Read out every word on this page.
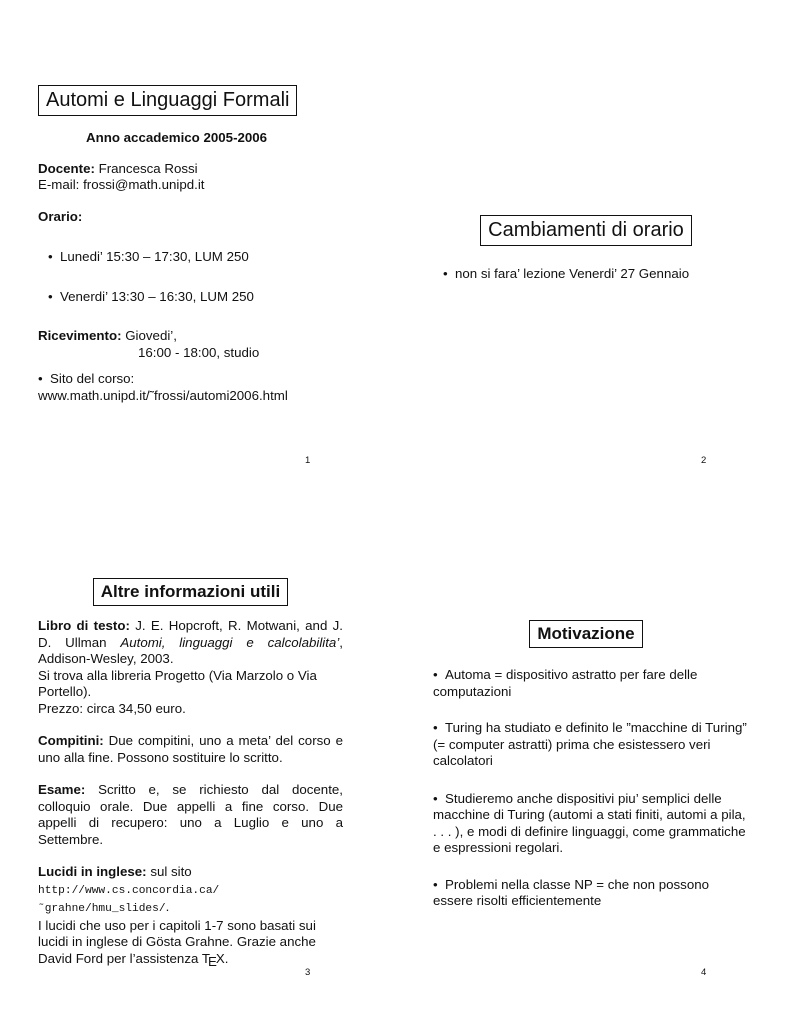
Automi e Linguaggi Formali
Anno accademico 2005-2006
Docente: Francesca Rossi
E-mail: frossi@math.unipd.it
Orario:
• Lunedi’ 15:30 – 17:30, LUM 250
• Venerdi’ 13:30 – 16:30, LUM 250
Ricevimento: Giovedi’,
16:00 - 18:00, studio
• Sito del corso:
www.math.unipd.it/˜frossi/automi2006.html
1
Cambiamenti di orario
• non si fara’ lezione Venerdi’ 27 Gennaio
2
Altre informazioni utili
Libro di testo: J. E. Hopcroft, R. Motwani, and J. D. Ullman Automi, linguaggi e calcolabilita’, Addison-Wesley, 2003.
Si trova alla libreria Progetto (Via Marzolo o Via Portello).
Prezzo: circa 34,50 euro.
Compitini: Due compitini, uno a meta’ del corso e uno alla fine. Possono sostituire lo scritto.
Esame: Scritto e, se richiesto dal docente, colloquio orale. Due appelli a fine corso. Due appelli di recupero: uno a Luglio e uno a Settembre.
Lucidi in inglese: sul sito
http://www.cs.concordia.ca/˜grahne/hmu_slides/.
I lucidi che uso per i capitoli 1-7 sono basati sui lucidi in inglese di Gösta Grahne. Grazie anche David Ford per l’assistenza TEX.
3
Motivazione
• Automa = dispositivo astratto per fare delle computazioni
• Turing ha studiato e definito le ”macchine di Turing” (= computer astratti) prima che esistessero veri calcolatori
• Studieremo anche dispositivi piu’ semplici delle macchine di Turing (automi a stati finiti, automi a pila, . . . ), e modi di definire linguaggi, come grammatiche e espressioni regolari.
• Problemi nella classe NP = che non possono essere risolti efficientemente
4
